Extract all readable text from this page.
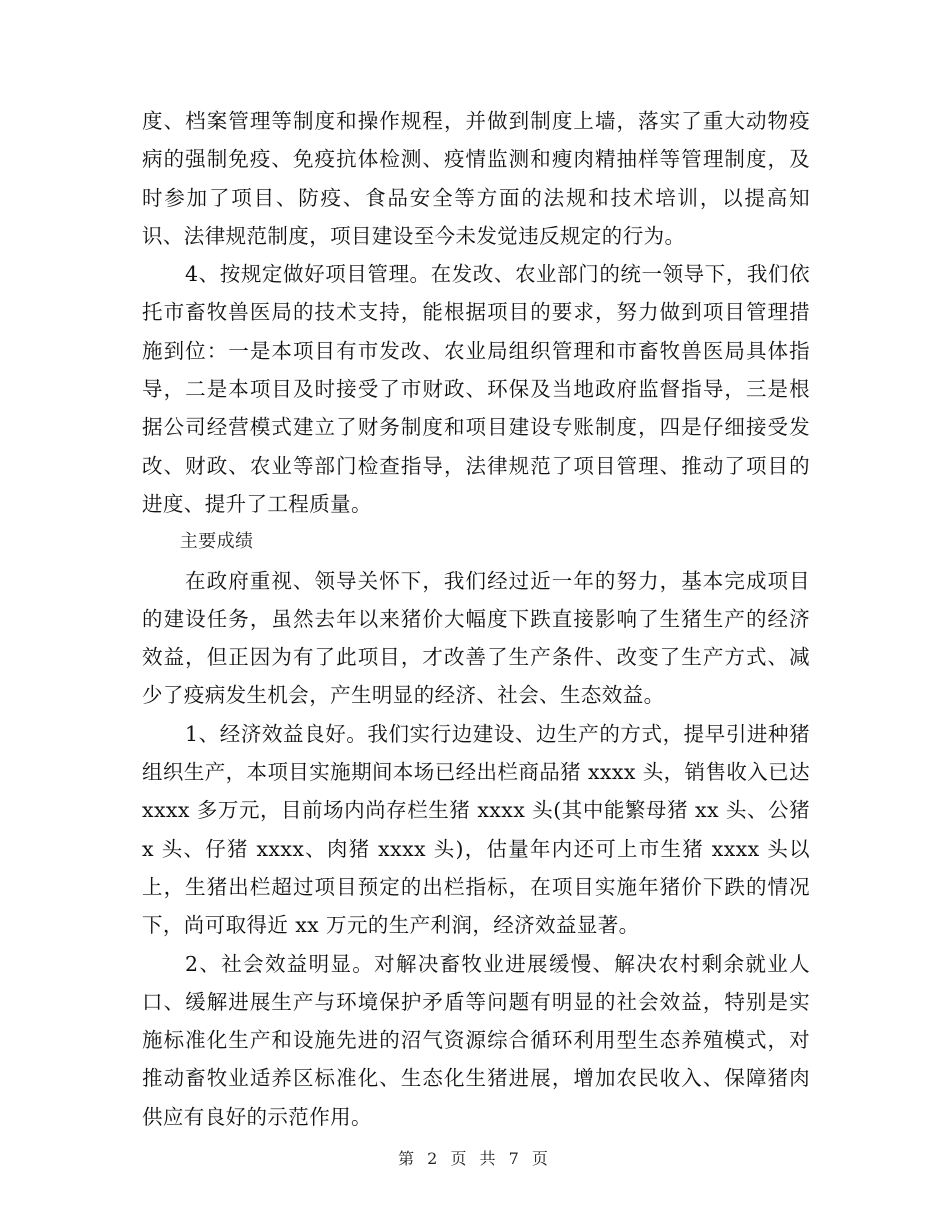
度、档案管理等制度和操作规程，并做到制度上墙，落实了重大动物疫病的强制免疫、免疫抗体检测、疫情监测和瘦肉精抽样等管理制度，及时参加了项目、防疫、食品安全等方面的法规和技术培训，以提高知识、法律规范制度，项目建设至今未发觉违反规定的行为。

4、按规定做好项目管理。在发改、农业部门的统一领导下，我们依托市畜牧兽医局的技术支持，能根据项目的要求，努力做到项目管理措施到位：一是本项目有市发改、农业局组织管理和市畜牧兽医局具体指导，二是本项目及时接受了市财政、环保及当地政府监督指导，三是根据公司经营模式建立了财务制度和项目建设专账制度，四是仔细接受发改、财政、农业等部门检查指导，法律规范了项目管理、推动了项目的进度、提升了工程质量。

主要成绩

在政府重视、领导关怀下，我们经过近一年的努力，基本完成项目的建设任务，虽然去年以来猪价大幅度下跌直接影响了生猪生产的经济效益，但正因为有了此项目，才改善了生产条件、改变了生产方式、减少了疫病发生机会，产生明显的经济、社会、生态效益。

1、经济效益良好。我们实行边建设、边生产的方式，提早引进种猪组织生产，本项目实施期间本场已经出栏商品猪 xxxx 头，销售收入已达 xxxx 多万元，目前场内尚存栏生猪 xxxx 头(其中能繁母猪 xx 头、公猪 x 头、仔猪 xxxx、肉猪 xxxx 头)，估量年内还可上市生猪 xxxx 头以上，生猪出栏超过项目预定的出栏指标，在项目实施年猪价下跌的情况下，尚可取得近 xx 万元的生产利润，经济效益显著。

2、社会效益明显。对解决畜牧业进展缓慢、解决农村剩余就业人口、缓解进展生产与环境保护矛盾等问题有明显的社会效益，特别是实施标准化生产和设施先进的沼气资源综合循环利用型生态养殖模式，对推动畜牧业适养区标准化、生态化生猪进展，增加农民收入、保障猪肉供应有良好的示范作用。

第 2 页 共 7 页
